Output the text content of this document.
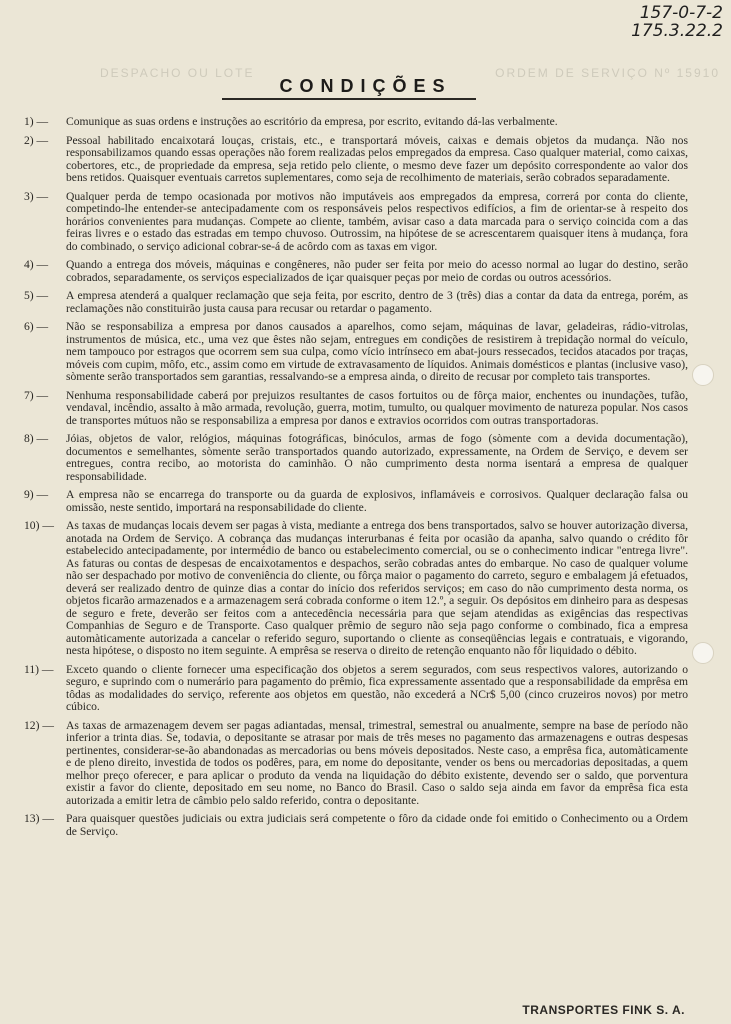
157-0-7-2
175.3.22.2
DESPACHO OU LOTE	ORDEM DE SERVIÇO Nº 15910
CONDIÇÕES
1) —	Comunique as suas ordens e instruções ao escritório da empresa, por escrito, evitando dá-las verbalmente.
2) —	Pessoal habilitado encaixotará louças, cristais, etc., e transportará móveis, caixas e demais objetos da mudança. Não nos responsabilizamos quando essas operações não forem realizadas pelos empregados da empresa. Caso qualquer material, como caixas, cobertores, etc., de propriedade da empresa, seja retido pelo cliente, o mesmo deve fazer um depósito correspondente ao valor dos bens retidos. Quaisquer eventuais carretos suplementares, como seja de recolhimento de materiais, serão cobrados separadamente.
3) —	Qualquer perda de tempo ocasionada por motivos não imputáveis aos empregados da empresa, correrá por conta do cliente, competindo-lhe entender-se antecipadamente com os responsáveis pelos respectivos edifícios, a fim de orientar-se à respeito dos horários convenientes para mudanças. Compete ao cliente, também, avisar caso a data marcada para o serviço coincida com a das feiras livres e o estado das estradas em tempo chuvoso. Outrossim, na hipótese de se acrescentarem quaisquer itens à mudança, fora do combinado, o serviço adicional cobrar-se-á de acôrdo com as taxas em vigor.
4) —	Quando a entrega dos móveis, máquinas e congêneres, não puder ser feita por meio do acesso normal ao lugar do destino, serão cobrados, separadamente, os serviços especializados de içar quaisquer peças por meio de cordas ou outros acessórios.
5) —	A empresa atenderá a qualquer reclamação que seja feita, por escrito, dentro de 3 (três) dias a contar da data da entrega, porém, as reclamações não constituirão justa causa para recusar ou retardar o pagamento.
6) —	Não se responsabiliza a empresa por danos causados a aparelhos, como sejam, máquinas de lavar, geladeiras, rádio-vitrolas, instrumentos de música, etc., uma vez que êstes não sejam, entregues em condições de resistirem à trepidação normal do veículo, nem tampouco por estragos que ocorrem sem sua culpa, como vício intrínseco em abat-jours ressecados, tecidos atacados por traças, móveis com cupim, môfo, etc., assim como em virtude de extravasamento de líquidos. Animais domésticos e plantas (inclusive vaso), sòmente serão transportados sem garantias, ressalvando-se a empresa ainda, o direito de recusar por completo tais transportes.
7) —	Nenhuma responsabilidade caberá por prejuizos resultantes de casos fortuitos ou de fôrça maior, enchentes ou inundações, tufão, vendaval, incêndio, assalto à mão armada, revolução, guerra, motim, tumulto, ou qualquer movimento de natureza popular. Nos casos de transportes mútuos não se responsabiliza a empresa por danos e extravios ocorridos com outras transportadoras.
8) —	Jóias, objetos de valor, relógios, máquinas fotográficas, binóculos, armas de fogo (sòmente com a devida documentação), documentos e semelhantes, sòmente serão transportados quando autorizado, expressamente, na Ordem de Serviço, e devem ser entregues, contra recibo, ao motorista do caminhão. O não cumprimento desta norma isentará a empresa de qualquer responsabilidade.
9) —	A empresa não se encarrega do transporte ou da guarda de explosivos, inflamáveis e corrosivos. Qualquer declaração falsa ou omissão, neste sentido, importará na responsabilidade do cliente.
10) —	As taxas de mudanças locais devem ser pagas à vista, mediante a entrega dos bens transportados, salvo se houver autorização diversa, anotada na Ordem de Serviço. A cobrança das mudanças interurbanas é feita por ocasião da apanha, salvo quando o crédito fôr estabelecido antecipadamente, por intermédio de banco ou estabelecimento comercial, ou se o conhecimento indicar "entrega livre". As faturas ou contas de despesas de encaixotamentos e despachos, serão cobradas antes do embarque. No caso de qualquer volume não ser despachado por motivo de conveniência do cliente, ou fôrça maior o pagamento do carreto, seguro e embalagem já efetuados, deverá ser realizado dentro de quinze dias a contar do início dos referidos serviços; em caso do não cumprimento desta norma, os objetos ficarão armazenados e a armazenagem será cobrada conforme o item 12.º, a seguir. Os depósitos em dinheiro para as despesas de seguro e frete, deverão ser feitos com a antecedência necessária para que sejam atendidas as exigências das respectivas Companhias de Seguro e de Transporte. Caso qualquer prêmio de seguro não seja pago conforme o combinado, fica a empresa automàticamente autorizada a cancelar o referido seguro, suportando o cliente as conseqüências legais e contratuais, e vigorando, nesta hipótese, o disposto no item seguinte. A emprêsa se reserva o direito de retenção enquanto não fôr liquidado o débito.
11) —	Exceto quando o cliente fornecer uma especificação dos objetos a serem segurados, com seus respectivos valores, autorizando o seguro, e suprindo com o numerário para pagamento do prêmio, fica expressamente assentado que a responsabilidade da emprêsa em tôdas as modalidades do serviço, referente aos objetos em questão, não excederá a NCr$ 5,00 (cinco cruzeiros novos) por metro cúbico.
12) —	As taxas de armazenagem devem ser pagas adiantadas, mensal, trimestral, semestral ou anualmente, sempre na base de período não inferior a trinta dias. Se, todavia, o depositante se atrasar por mais de três meses no pagamento das armazenagens e outras despesas pertinentes, considerar-se-ão abandonadas as mercadorias ou bens móveis depositados. Neste caso, a emprêsa fica, automàticamente e de pleno direito, investida de todos os podêres, para, em nome do depositante, vender os bens ou mercadorias depositadas, a quem melhor preço oferecer, e para aplicar o produto da venda na liquidação do débito existente, devendo ser o saldo, que porventura existir a favor do cliente, depositado em seu nome, no Banco do Brasil. Caso o saldo seja ainda em favor da emprêsa fica esta autorizada a emitir letra de câmbio pelo saldo referido, contra o depositante.
13) —	Para quaisquer questões judiciais ou extra judiciais será competente o fôro da cidade onde foi emitido o Conhecimento ou a Ordem de Serviço.
TRANSPORTES FINK S. A.
